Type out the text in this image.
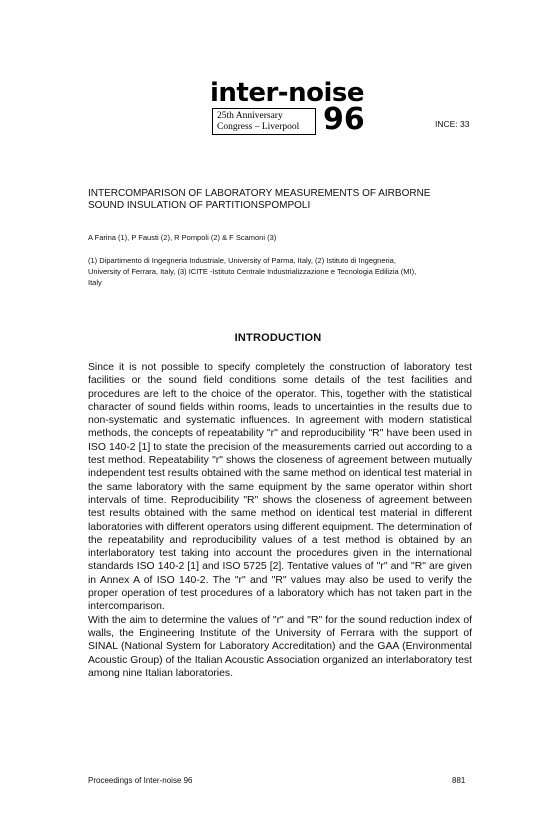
inter-noise
25th Anniversary
Congress – Liverpool 96	INCE: 33
INTERCOMPARISON OF LABORATORY MEASUREMENTS OF AIRBORNE
SOUND INSULATION OF PARTITIONSPOMPOLI
A Farina (1), P Fausti (2), R Pompoli (2) & F Scamoni (3)
(1) Dipartimento di Ingegneria Industriale, University of Parma, Italy, (2) Istituto di Ingegneria,
University of Ferrara, Italy, (3) ICITE -Istituto Centrale Industrializzazione e Tecnologia Edilizia (MI),
Italy
INTRODUCTION

Since it is not possible to specify completely the construction of laboratory test facilities or the sound field conditions some details of the test facilities and procedures are left to the choice of the operator. This, together with the statistical character of sound fields within rooms, leads to uncertainties in the results due to non-systematic and systematic influences. In agreement with modern statistical methods, the concepts of repeatability "r" and reproducibility "R" have been used in ISO 140-2 [1] to state the precision of the measurements carried out according to a test method. Repeatability "r" shows the closeness of agreement between mutually independent test results obtained with the same method on identical test material in the same laboratory with the same equipment by the same operator within short intervals of time. Reproducibility "R" shows the closeness of agreement between test results obtained with the same method on identical test material in different laboratories with different operators using different equipment. The determination of the repeatability and reproducibility values of a test method is obtained by an interlaboratory test taking into account the procedures given in the international standards ISO 140-2 [1] and ISO 5725 [2]. Tentative values of "r" and "R" are given in Annex A of ISO 140-2. The "r" and "R" values may also be used to verify the proper operation of test procedures of a laboratory which has not taken part in the intercomparison.

With the aim to determine the values of "r" and "R" for the sound reduction index of walls, the Engineering Institute of the University of Ferrara with the support of SINAL (National System for Laboratory Accreditation) and the GAA (Environmental Acoustic Group) of the Italian Acoustic Association organized an interlaboratory test among nine Italian laboratories.

Proceedings of Inter-noise 96	881
